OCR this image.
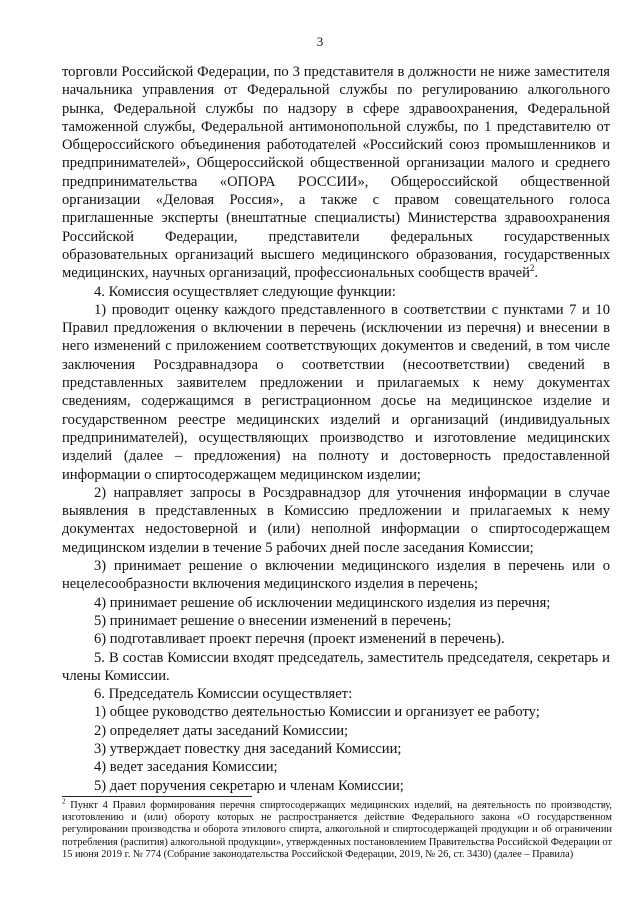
3

торговли Российской Федерации, по 3 представителя в должности не ниже заместителя начальника управления от Федеральной службы по регулированию алкогольного рынка, Федеральной службы по надзору в сфере здравоохранения, Федеральной таможенной службы, Федеральной антимонопольной службы, по 1 представителю от Общероссийского объединения работодателей «Российский союз промышленников и предпринимателей», Общероссийской общественной организации малого и среднего предпринимательства «ОПОРА РОССИИ», Общероссийской общественной организации «Деловая Россия», а также с правом совещательного голоса приглашенные эксперты (внештатные специалисты) Министерства здравоохранения Российской Федерации, представители федеральных государственных образовательных организаций высшего медицинского образования, государственных медицинских, научных организаций, профессиональных сообществ врачей$^2$.

4. Комиссия осуществляет следующие функции:

1) проводит оценку каждого представленного в соответствии с пунктами 7 и 10 Правил предложения о включении в перечень (исключении из перечня) и внесении в него изменений с приложением соответствующих документов и сведений, в том числе заключения Росздравнадзора о соответствии (несоответствии) сведений в представленных заявителем предложении и прилагаемых к нему документах сведениям, содержащимся в регистрационном досье на медицинское изделие и государственном реестре медицинских изделий и организаций (индивидуальных предпринимателей), осуществляющих производство и изготовление медицинских изделий (далее – предложения) на полноту и достоверность предоставленной информации о спиртосодержащем медицинском изделии;

2) направляет запросы в Росздравнадзор для уточнения информации в случае выявления в представленных в Комиссию предложении и прилагаемых к нему документах недостоверной и (или) неполной информации о спиртосодержащем медицинском изделии в течение 5 рабочих дней после заседания Комиссии;

3) принимает решение о включении медицинского изделия в перечень или о нецелесообразности включения медицинского изделия в перечень;

4) принимает решение об исключении медицинского изделия из перечня;

5) принимает решение о внесении изменений в перечень;

6) подготавливает проект перечня (проект изменений в перечень).

5. В состав Комиссии входят председатель, заместитель председателя, секретарь и члены Комиссии.

6. Председатель Комиссии осуществляет:

1) общее руководство деятельностью Комиссии и организует ее работу;

2) определяет даты заседаний Комиссии;

3) утверждает повестку дня заседаний Комиссии;

4) ведет заседания Комиссии;

5) дает поручения секретарю и членам Комиссии;

$^2$ Пункт 4 Правил формирования перечня спиртосодержащих медицинских изделий, на деятельность по производству, изготовлению и (или) обороту которых не распространяется действие Федерального закона «О государственном регулировании производства и оборота этилового спирта, алкогольной и спиртосодержащей продукции и об ограничении потребления (распития) алкогольной продукции», утвержденных постановлением Правительства Российской Федерации от 15 июня 2019 г. № 774 (Собрание законодательства Российской Федерации, 2019, № 26, ст. 3430) (далее – Правила)
